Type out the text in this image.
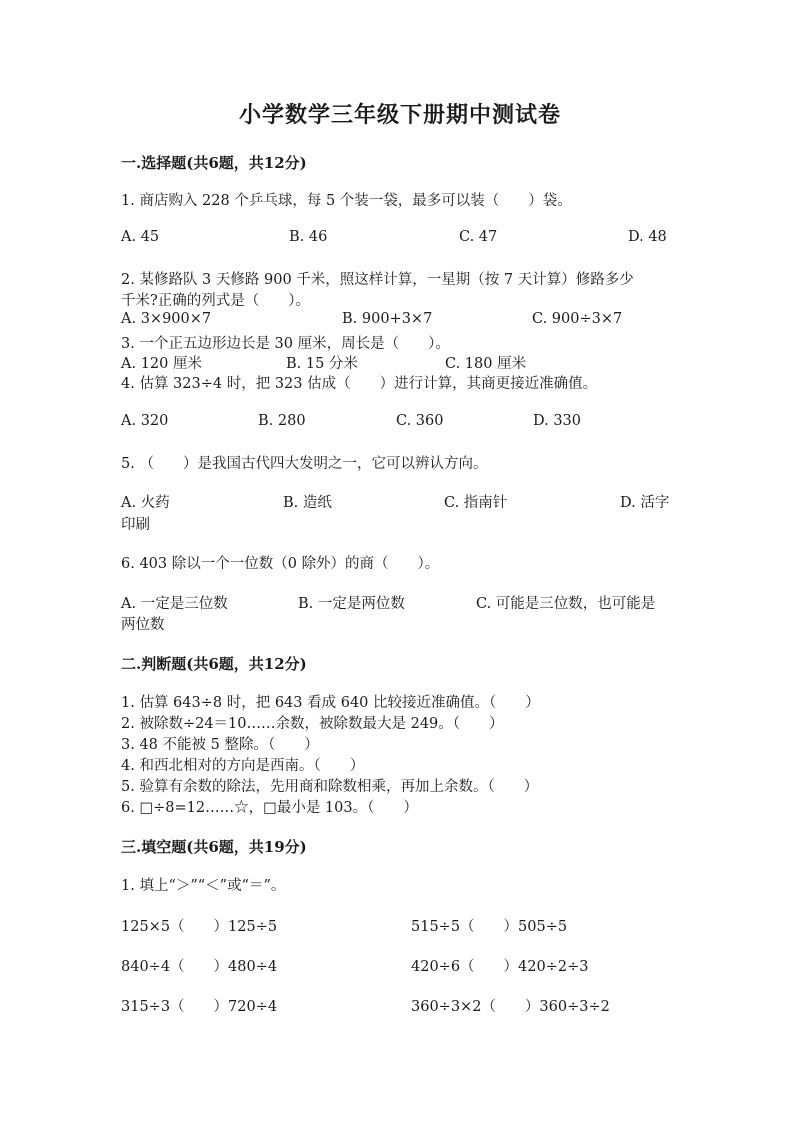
小学数学三年级下册期中测试卷
一.选择题(共6题，共12分)
1. 商店购入 228 个乒乓球，每 5 个装一袋，最多可以装（　　）袋。
A. 45	B. 46	C. 47	D. 48
2. 某修路队 3 天修路 900 千米，照这样计算，一星期（按 7 天计算）修路多少
千米?正确的列式是（　　）。
A. 3×900×7	B. 900+3×7	C. 900÷3×7
3. 一个正五边形边长是 30 厘米，周长是（　　）。
A. 120 厘米	B. 15 分米	C. 180 厘米
4. 估算 323÷4 时，把 323 估成（　　）进行计算，其商更接近准确值。
A. 320	B. 280	C. 360	D. 330
5. （　　）是我国古代四大发明之一，它可以辨认方向。
A. 火药	B. 造纸	C. 指南针	D. 活字
印刷
6. 403 除以一个一位数（0 除外）的商（　　）。
A. 一定是三位数	B. 一定是两位数	C. 可能是三位数，也可能是
两位数
二.判断题(共6题，共12分)
1. 估算 643÷8 时，把 643 看成 640 比较接近准确值。（　　）
2. 被除数÷24＝10……余数，被除数最大是 249。（　　）
3. 48 不能被 5 整除。（　　）
4. 和西北相对的方向是西南。（　　）
5. 验算有余数的除法，先用商和除数相乘，再加上余数。（　　）
6. □÷8=12……☆，□最小是 103。（　　）
三.填空题(共6题，共19分)
1. 填上“＞”“＜”或“＝”。
125×5（　　）125÷5	515÷5（　　）505÷5
840÷4（　　）480÷4	420÷6（　　）420÷2÷3
315÷3（　　）720÷4	360÷3×2（　　）360÷3÷2
